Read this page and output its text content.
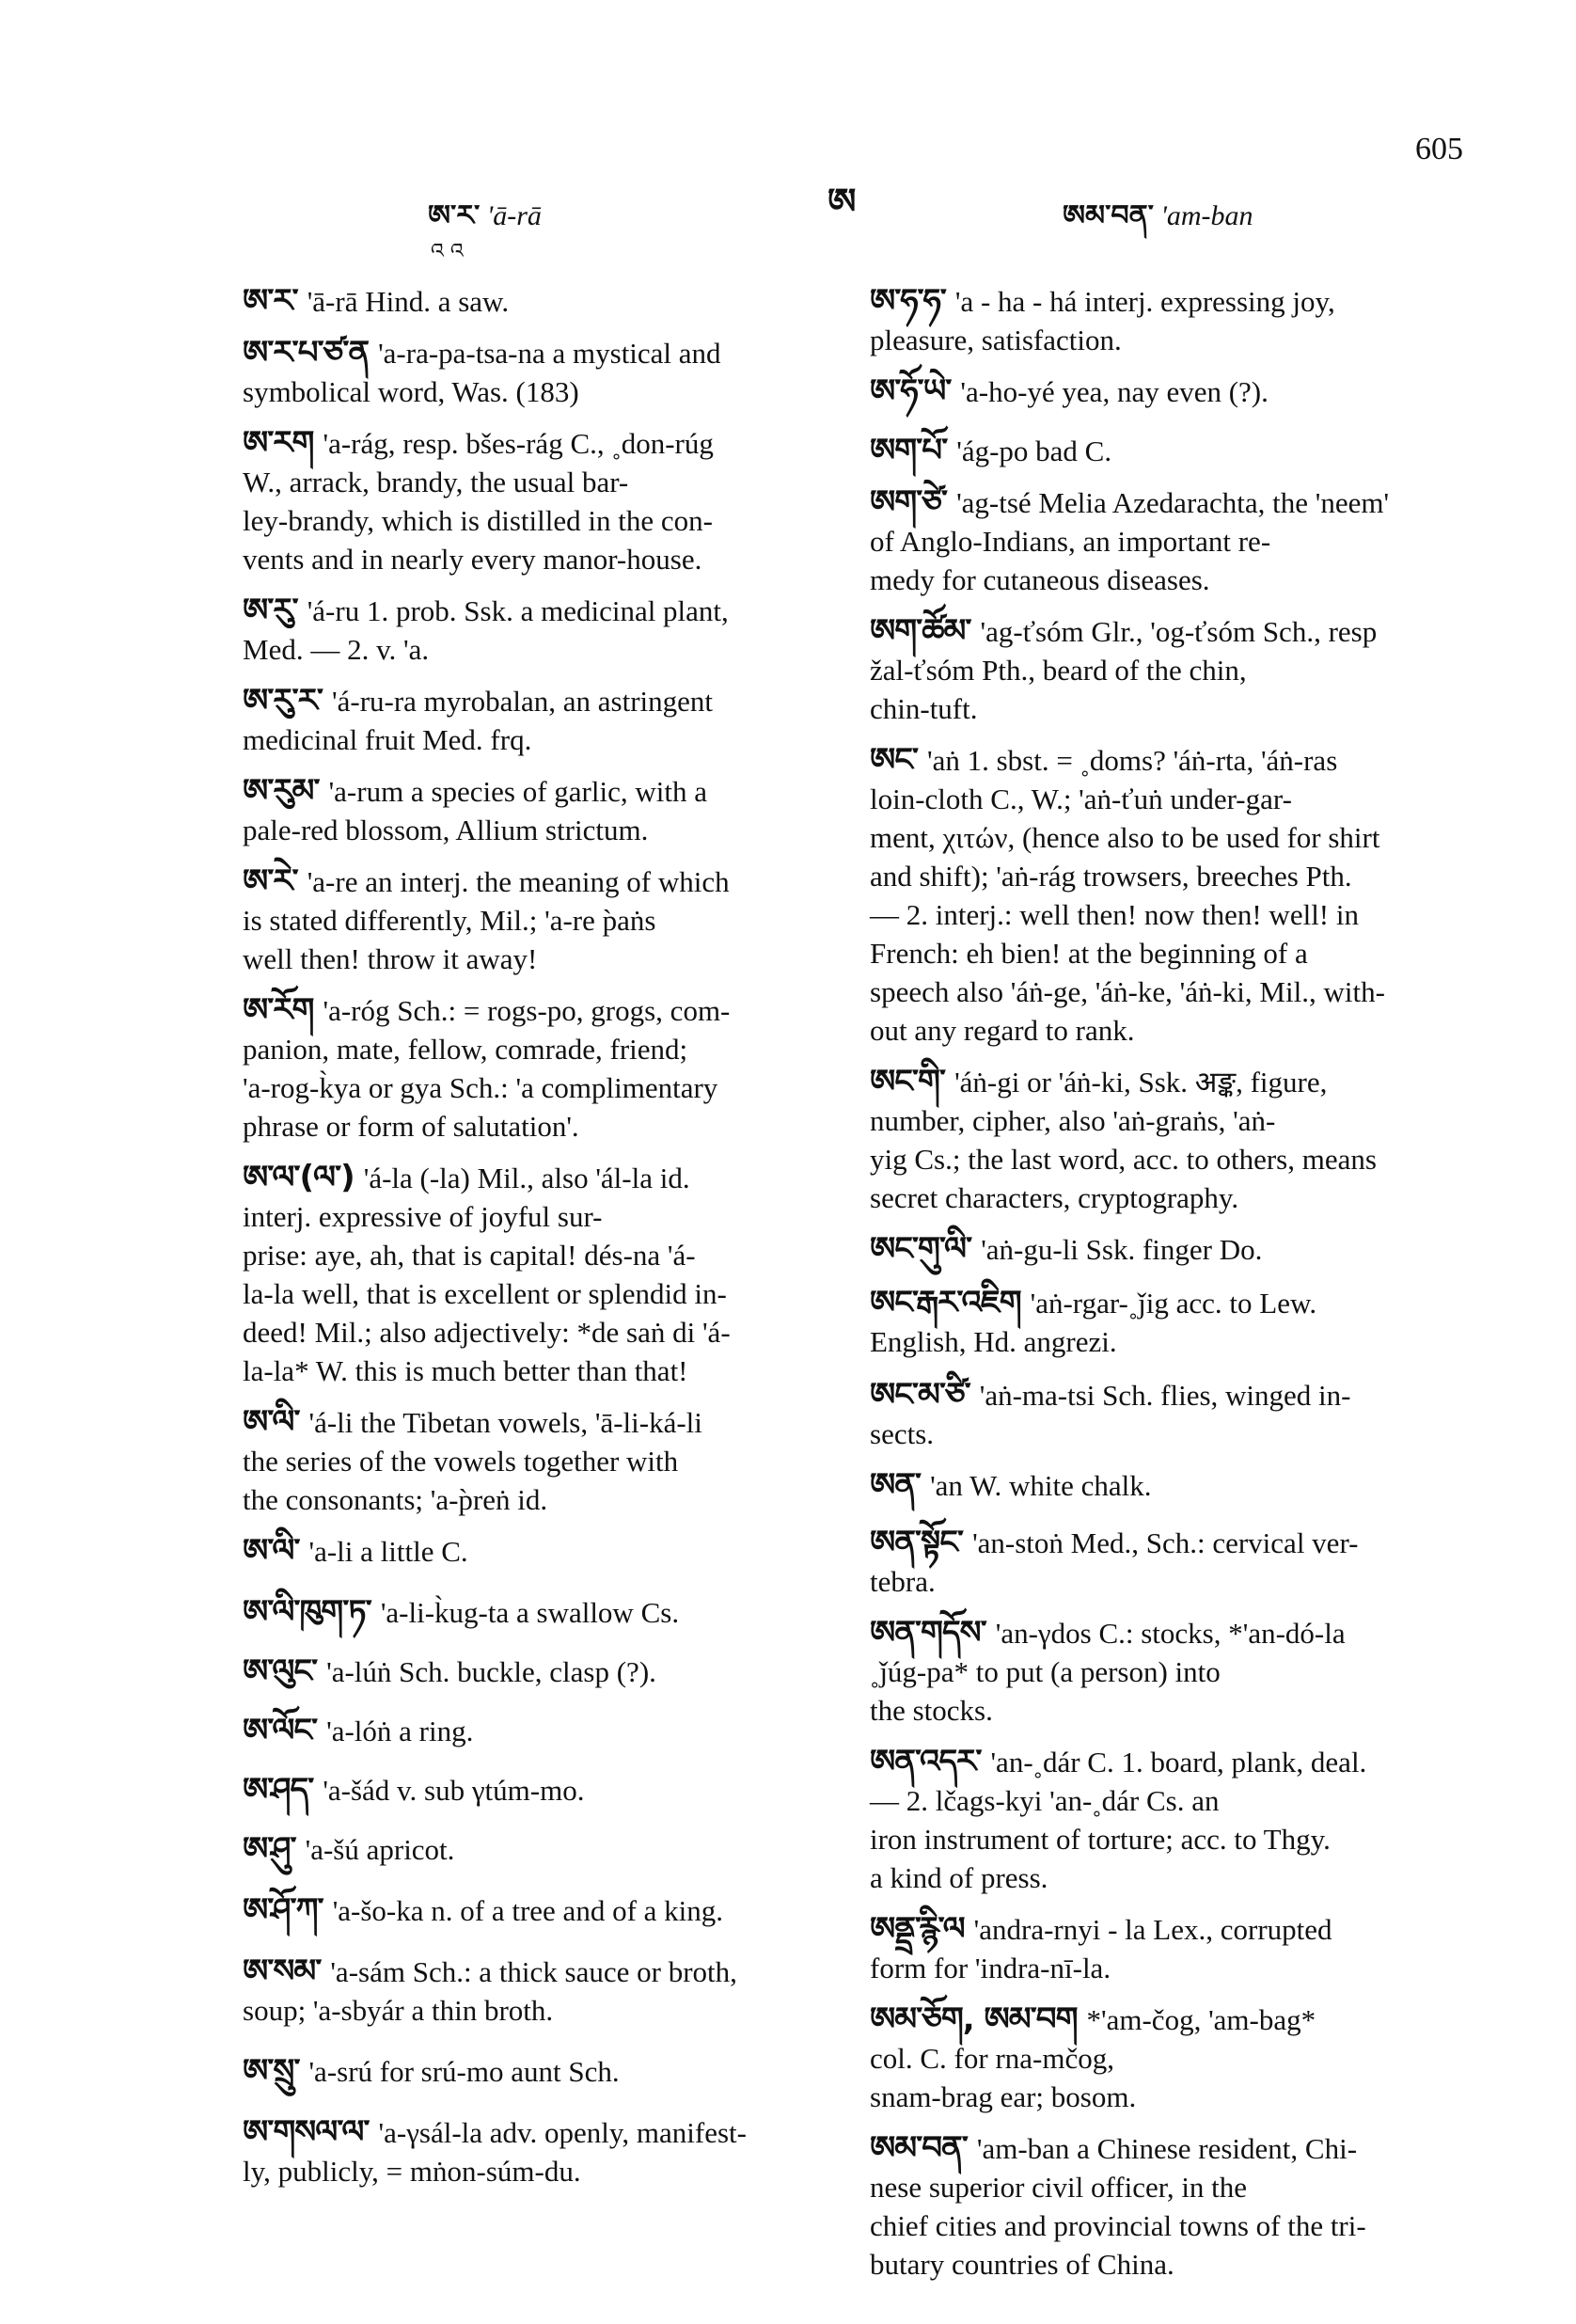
605
ཨ
ཨ་ར་ 'ā-rā
འ འ
ཨམ་བན་ 'am-ban
ཨ་ར་ 'ā-rā Hind. a saw.
ཨ་ར་པ་ཙ་ན 'a-ra-pa-tsa-na a mystical and
symbolical word, Was. (183)
ཨ་རག 'a-rág, resp. bšes-rág C., ˳don-rúg
W., arrack, brandy, the usual bar-
ley-brandy, which is distilled in the con-
vents and in nearly every manor-house.
ཨ་རུ་ 'á-ru 1. prob. Ssk. a medicinal plant,
Med. — 2. v. 'a.
ཨ་རུ་ར་ 'á-ru-ra myrobalan, an astringent
medicinal fruit Med. frq.
ཨ་རུམ་ 'a-rum a species of garlic, with a
pale-red blossom, Allium strictum.
ཨ་རེ་ 'a-re an interj. the meaning of which
is stated differently, Mil.; 'a-re p̀aṅs
well then! throw it away!
ཨ་རོག 'a-róg Sch.: = rogs-po, grogs, com-
panion, mate, fellow, comrade, friend;
'a-rog-k̀ya or gya Sch.: 'a complimentary
phrase or form of salutation'.
ཨ་ལ་(ལ་) 'á-la (-la) Mil., also 'ál-la id.
interj. expressive of joyful sur-
prise: aye, ah, that is capital! dés-na 'á-
la-la well, that is excellent or splendid in-
deed! Mil.; also adjectively: *de saṅ di 'á-
la-la* W. this is much better than that!
ཨ་ལི་ 'á-li the Tibetan vowels, 'ā-li-ká-li
the series of the vowels together with
the consonants; 'a-p̀reṅ id.
ཨ་ལི་ 'a-li a little C.
ཨ་ལི་ཁུག་ཏ་ 'a-li-k̀ug-ta a swallow Cs.
ཨ་ལུང་ 'a-lúṅ Sch. buckle, clasp (?).
ཨ་ལོང་ 'a-lóṅ a ring.
ཨ་ཤད་ 'a-šád v. sub γtúm-mo.
ཨ་ཤུ་ 'a-šú apricot.
ཨ་ཤོ་ཀ་ 'a-šo-ka n. of a tree and of a king.
ཨ་སམ་ 'a-sám Sch.: a thick sauce or broth,
soup; 'a-sbyár a thin broth.
ཨ་སྲུ་ 'a-srú for srú-mo aunt Sch.
ཨ་གསལ་ལ་ 'a-γsál-la adv. openly, manifest-
ly, publicly, = mṅon-súm-du.
ཨ་ཧ་ཧ་ 'a - ha - há interj. expressing joy,
pleasure, satisfaction.
ཨ་ཧོ་ཡེ་ 'a-ho-yé yea, nay even (?).
ཨག་པོ་ 'ág-po bad C.
ཨག་ཙེ་ 'ag-tsé Melia Azedarachta, the 'neem'
of Anglo-Indians, an important re-
medy for cutaneous diseases.
ཨག་ཚོམ་ 'ag-ťsóm Glr., 'og-ťsóm Sch., resp
žal-ťsóm Pth., beard of the chin,
chin-tuft.
ཨང་ 'aṅ 1. sbst. = ˳doms? 'áṅ-rta, 'áṅ-ras
loin-cloth C., W.; 'aṅ-ťuṅ under-gar-
ment, χιτών, (hence also to be used for shirt
and shift); 'aṅ-rág trowsers, breeches Pth.
— 2. interj.: well then! now then! well! in
French: eh bien! at the beginning of a
speech also 'áṅ-ge, 'áṅ-ke, 'áṅ-ki, Mil., with-
out any regard to rank.
ཨང་གི་ 'áṅ-gi or 'áṅ-ki, Ssk. अङ्क, figure,
number, cipher, also 'aṅ-graṅs, 'aṅ-
yig Cs.; the last word, acc. to others, means
secret characters, cryptography.
ཨང་གུ་ལི་ 'aṅ-gu-li Ssk. finger Do.
ཨང་རྒར་འཇིག 'aṅ-rgar-˳ǰig acc. to Lew.
English, Hd. angrezi.
ཨང་མ་ཙི་ 'aṅ-ma-tsi Sch. flies, winged in-
sects.
ཨན་ 'an W. white chalk.
ཨན་སྟོང་ 'an-stoṅ Med., Sch.: cervical ver-
tebra.
ཨན་གདོས་ 'an-γdos C.: stocks, *'an-dó-la
˳ǰúg-pa* to put (a person) into
the stocks.
ཨན་འདར་ 'an-˳dár C. 1. board, plank, deal.
— 2. lčags-kyi 'an-˳dár Cs. an
iron instrument of torture; acc. to Thgy.
a kind of press.
ཨནྡྲ་རྙི་ལ 'andra-rnyi - la Lex., corrupted
form for 'indra-nī-la.
ཨམ་ཅོག, ཨམ་བག *'am-čog, 'am-bag*
col. C. for rna-mčog,
snam-brag ear; bosom.
ཨམ་བན་ 'am-ban a Chinese resident, Chi-
nese superior civil officer, in the
chief cities and provincial towns of the tri-
butary countries of China.
